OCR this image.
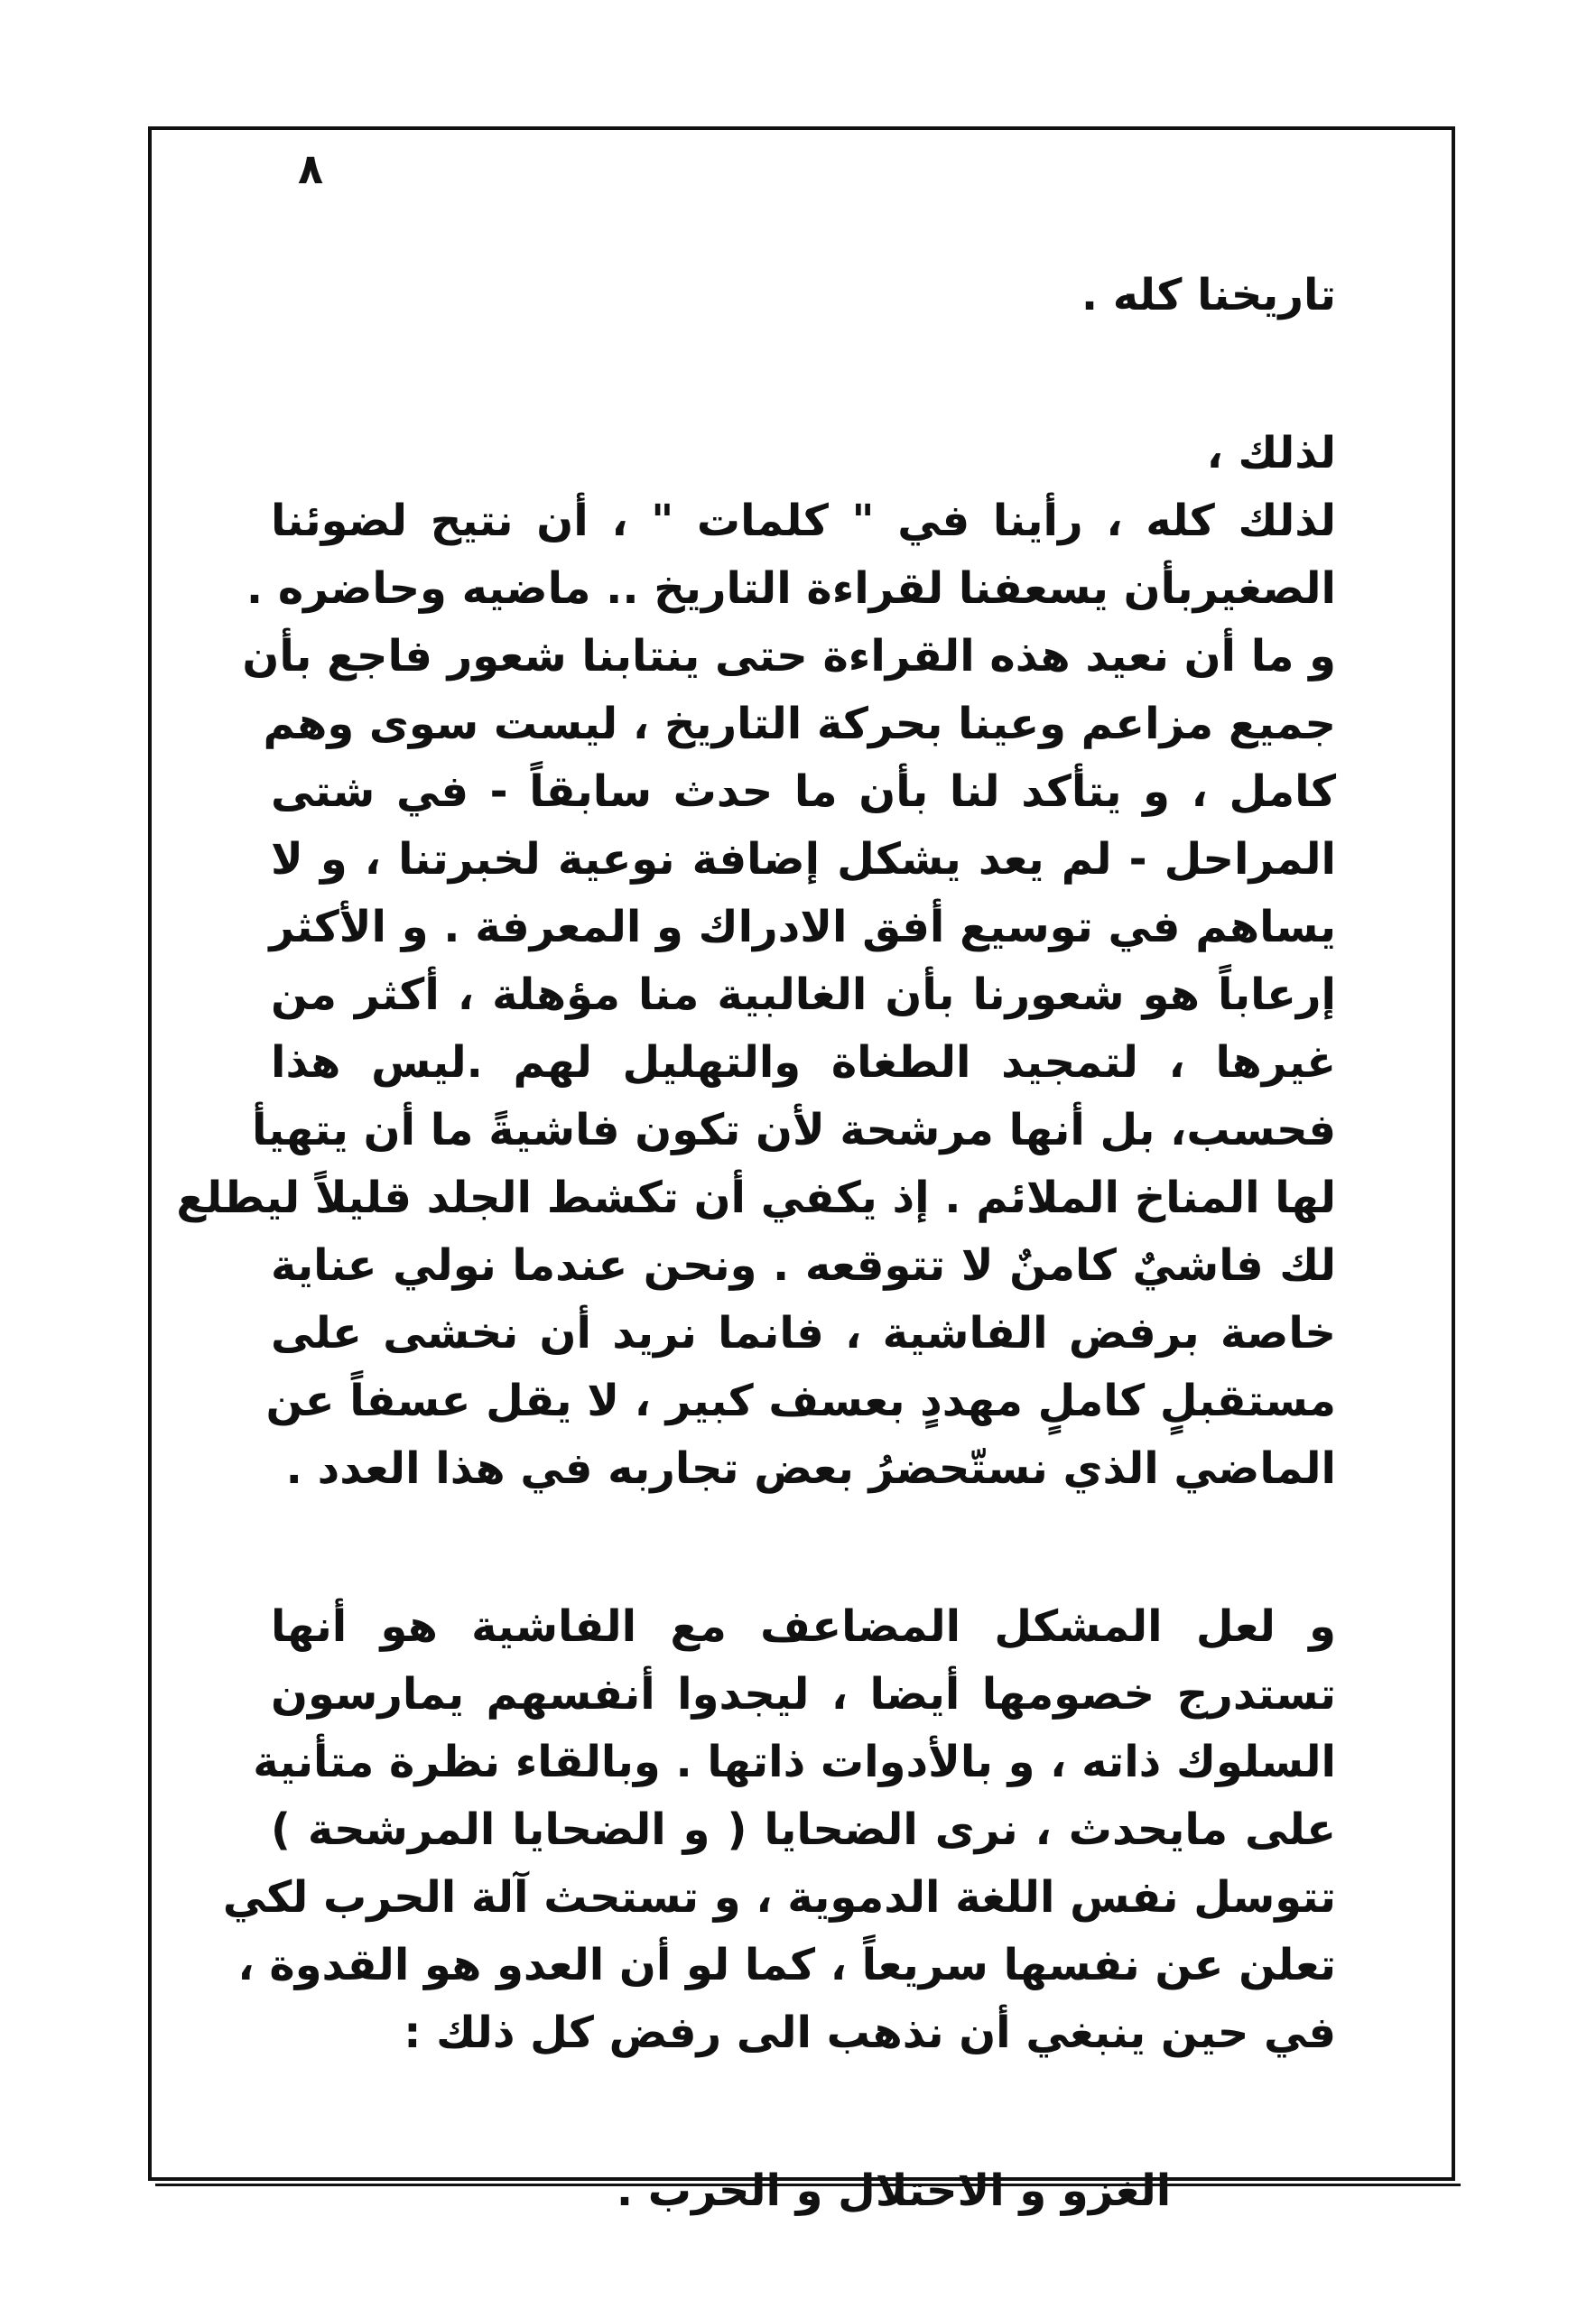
٨
تاريخنا كله .
لذلك ،
لذلك كله ، رأينا في " كلمات " ، أن نتيح لضوئنا
الصغيربأن يسعفنا لقراءة التاريخ .. ماضيه وحاضره .
و ما أن نعيد هذه القراءة حتى ينتابنا شعور فاجع بأن
جميع مزاعم وعينا بحركة التاريخ ، ليست سوى وهم
كامل ، و يتأكد لنا بأن ما حدث سابقاً - في شتى
المراحل - لم يعد يشكل إضافة نوعية لخبرتنا ، و لا
يساهم في توسيع أفق الادراك و المعرفة . و الأكثر
إرعاباً هو شعورنا بأن الغالبية منا مؤهلة ، أكثر من
غيرها ، لتمجيد الطغاة والتهليل لهم .ليس هذا
فحسب، بل أنها مرشحة لأن تكون فاشيةً ما أن يتهيأ
لها المناخ الملائم . إذ يكفي أن تكشط الجلد قليلاً ليطلع
لك فاشيٌ كامنٌ لا تتوقعه . ونحن عندما نولي عناية
خاصة برفض الفاشية ، فانما نريد أن نخشى على
مستقبلٍ كاملٍ مهددٍ بعسف كبير ، لا يقل عسفاً عن
الماضي الذي نستّحضرُ بعض تجاربه في هذا العدد .
و لعل المشكل المضاعف مع الفاشية هو أنها
تستدرج خصومها أيضا ، ليجدوا أنفسهم يمارسون
السلوك ذاته ، و بالأدوات ذاتها . وبالقاء نظرة متأنية
على مايحدث ، نرى الضحايا ( و الضحايا المرشحة )
تتوسل نفس اللغة الدموية ، و تستحث آلة الحرب لكي
تعلن عن نفسها سريعاً ، كما لو أن العدو هو القدوة ،
في حين ينبغي أن نذهب الى رفض كل ذلك :
الغزو و الاحتلال و الحرب .
